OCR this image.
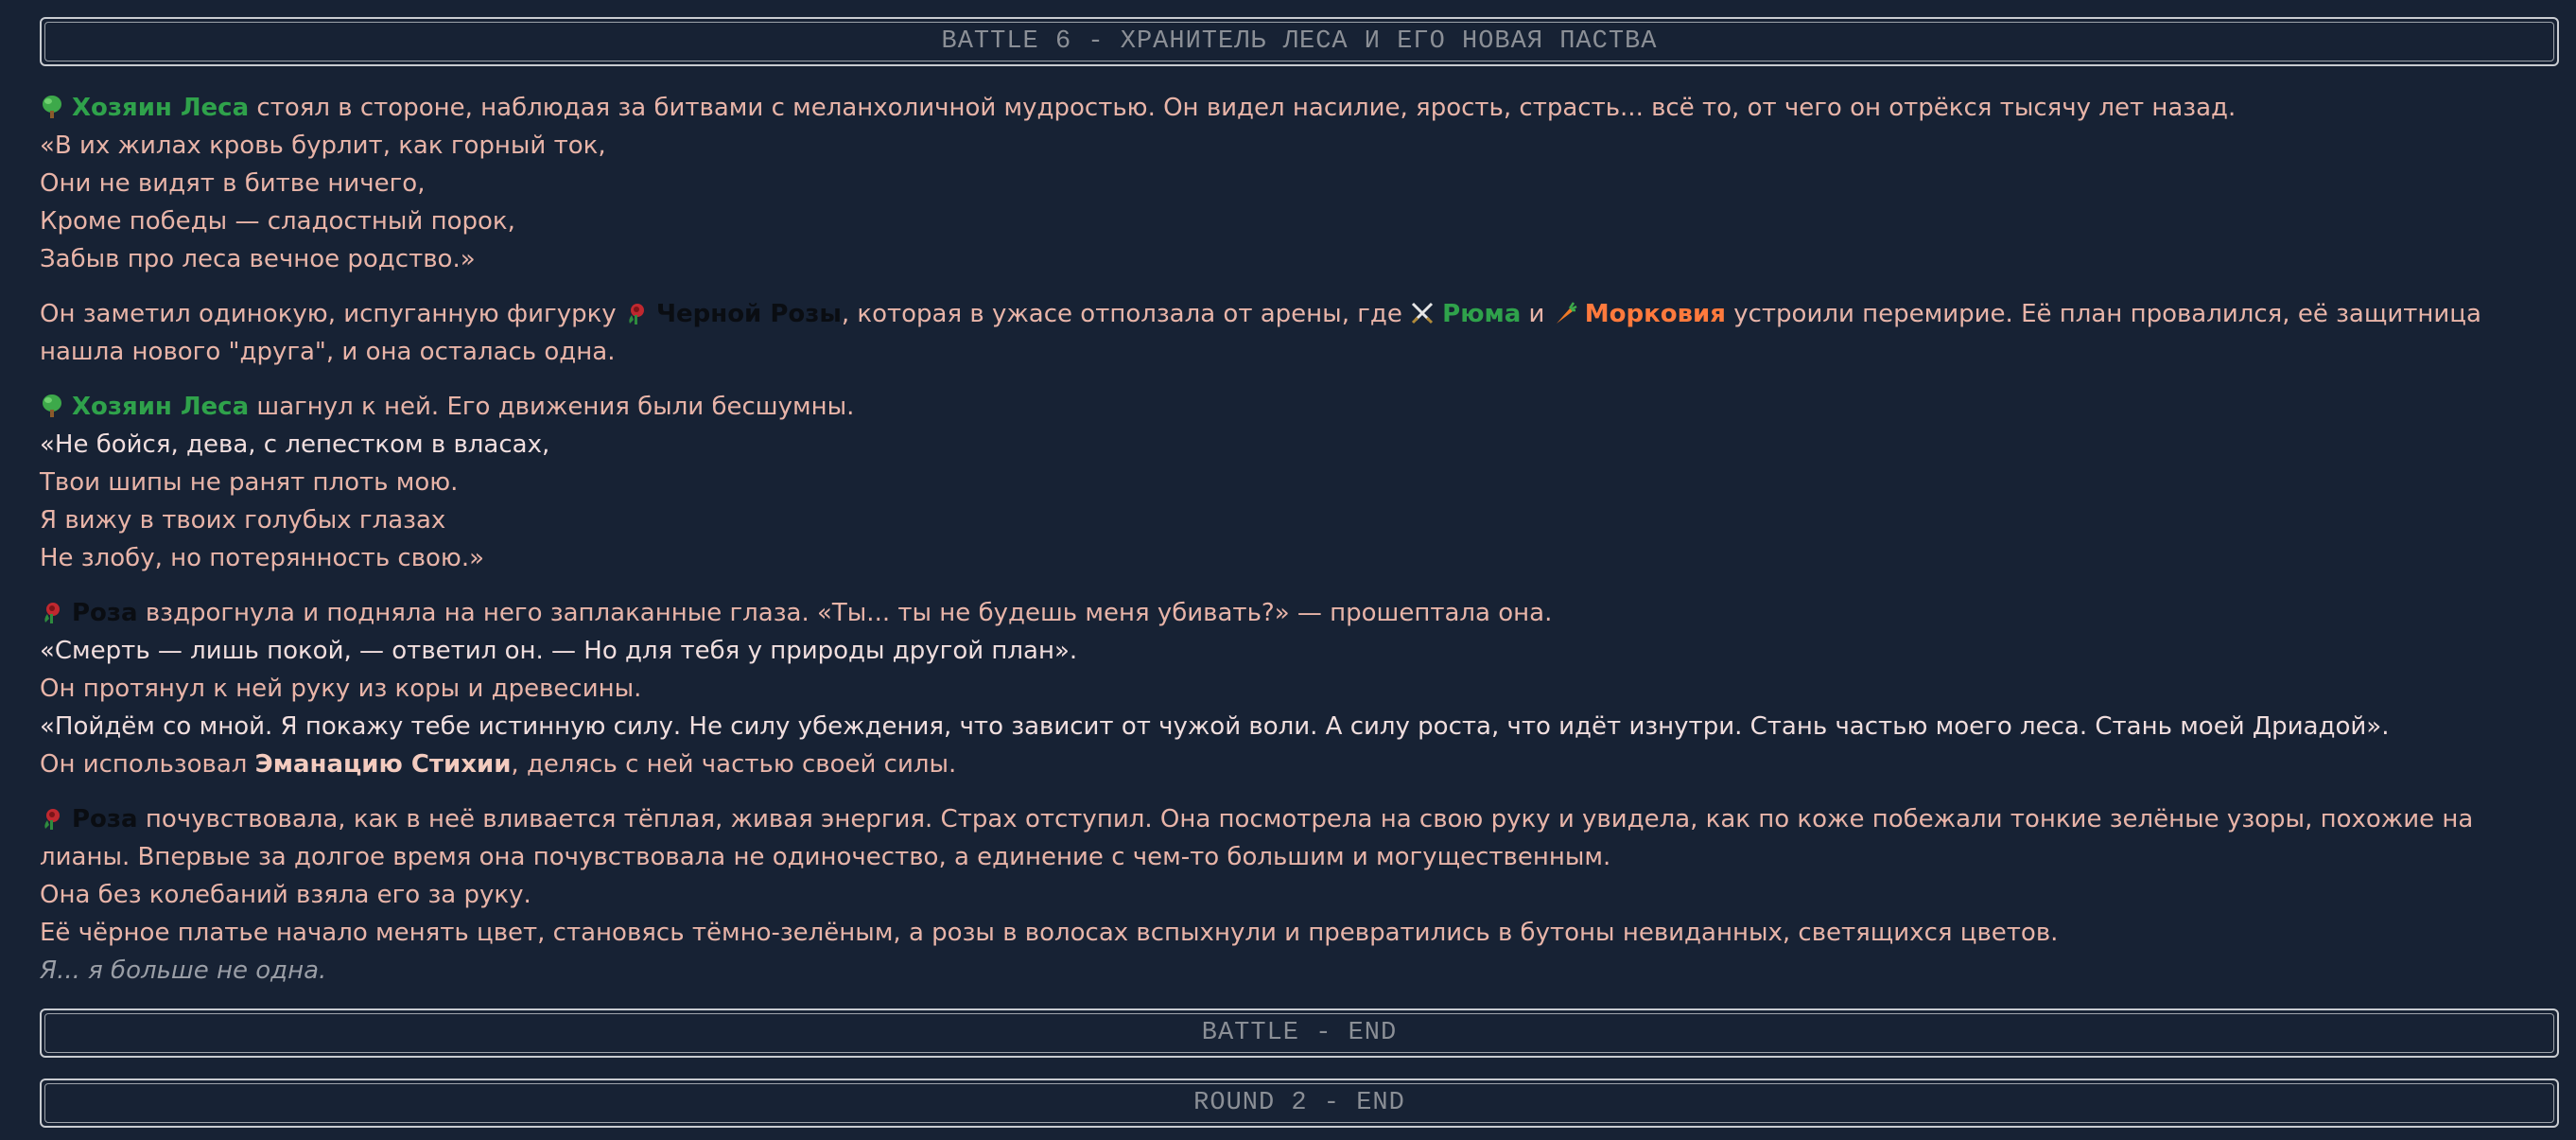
BATTLE 6 - ХРАНИТЕЛЬ ЛЕСА И ЕГО НОВАЯ ПАСТВА
Хозяин Леса стоял в стороне, наблюдая за битвами с меланхоличной мудростью. Он видел насилие, ярость, страсть... всё то, от чего он отрёкся тысячу лет назад.
«В их жилах кровь бурлит, как горный ток,
Они не видят в битве ничего,
Кроме победы — сладостный порок,
Забыв про леса вечное родство.»
Он заметил одинокую, испуганную фигурку Черной Розы, которая в ужасе отползала от арены, где Рюма и Морковия устроили перемирие. Её план провалился, её защитница нашла нового "друга", и она осталась одна.
Хозяин Леса шагнул к ней. Его движения были бесшумны.
«Не бойся, дева, с лепестком в власах,
Твои шипы не ранят плоть мою.
Я вижу в твоих голубых глазах
Не злобу, но потерянность свою.»
Роза вздрогнула и подняла на него заплаканные глаза. «Ты... ты не будешь меня убивать?» — прошептала она.
«Смерть — лишь покой, — ответил он. — Но для тебя у природы другой план».
Он протянул к ней руку из коры и древесины.
«Пойдём со мной. Я покажу тебе истинную силу. Не силу убеждения, что зависит от чужой воли. А силу роста, что идёт изнутри. Стань частью моего леса. Стань моей Дриадой».
Он использовал Эманацию Стихии, делясь с ней частью своей силы.
Роза почувствовала, как в неё вливается тёплая, живая энергия. Страх отступил. Она посмотрела на свою руку и увидела, как по коже побежали тонкие зелёные узоры, похожие на лианы. Впервые за долгое время она почувствовала не одиночество, а единение с чем-то большим и могущественным.
Она без колебаний взяла его за руку.
Её чёрное платье начало менять цвет, становясь тёмно-зелёным, а розы в волосах вспыхнули и превратились в бутоны невиданных, светящихся цветов.
Я... я больше не одна.
BATTLE - END
ROUND 2 - END
